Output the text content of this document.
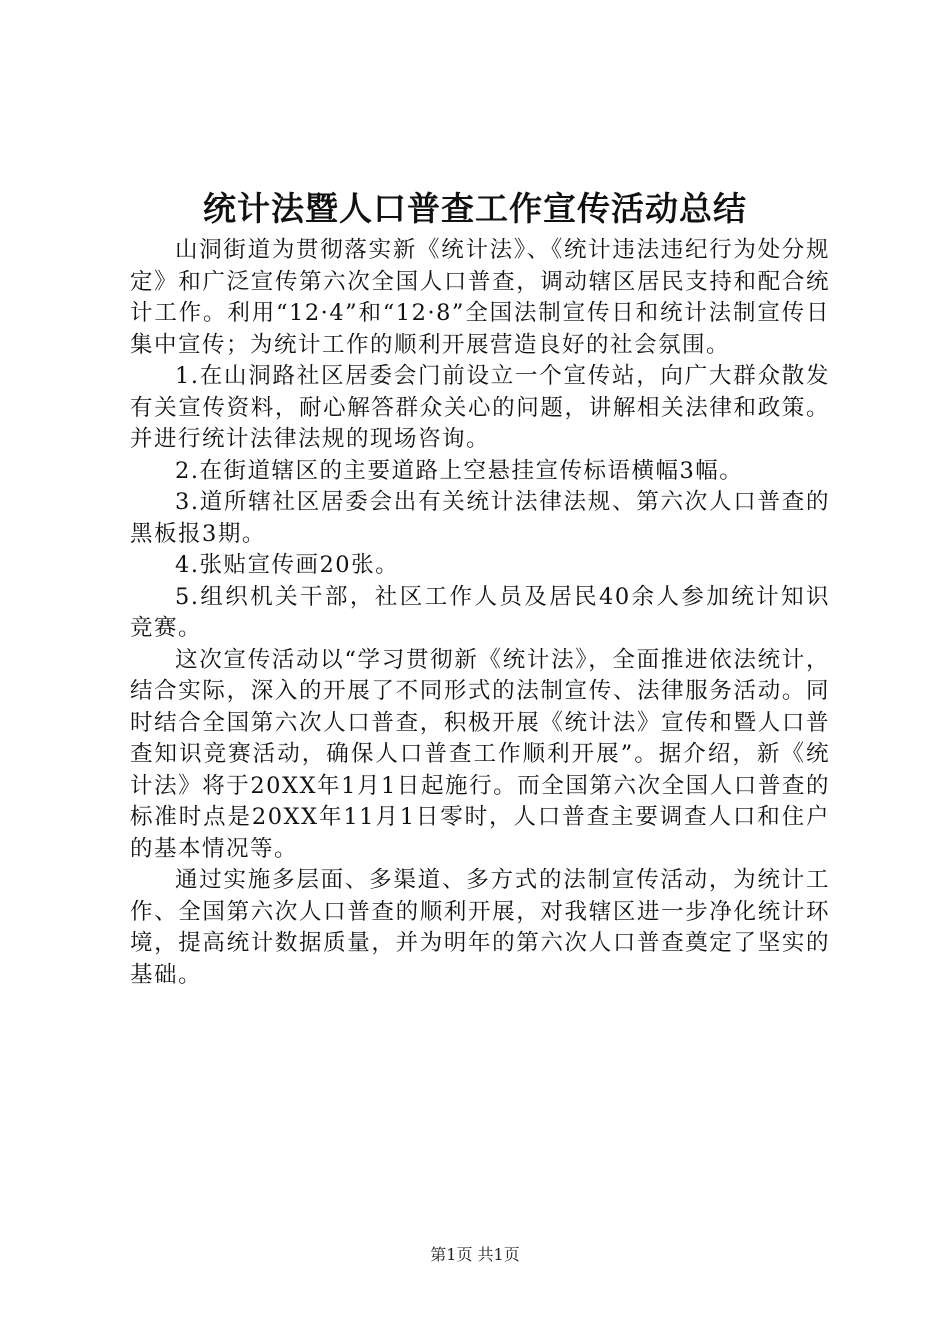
统计法暨人口普查工作宣传活动总结

山洞街道为贯彻落实新《统计法》、《统计违法违纪行为处分规定》和广泛宣传第六次全国人口普查，调动辖区居民支持和配合统计工作。利用“12·4”和“12·8”全国法制宣传日和统计法制宣传日集中宣传；为统计工作的顺利开展营造良好的社会氛围。

1.在山洞路社区居委会门前设立一个宣传站，向广大群众散发有关宣传资料，耐心解答群众关心的问题，讲解相关法律和政策。并进行统计法律法规的现场咨询。

2.在街道辖区的主要道路上空悬挂宣传标语横幅3幅。

3.道所辖社区居委会出有关统计法律法规、第六次人口普查的黑板报3期。

4.张贴宣传画20张。

5.组织机关干部，社区工作人员及居民40余人参加统计知识竞赛。

这次宣传活动以“学习贯彻新《统计法》，全面推进依法统计，结合实际，深入的开展了不同形式的法制宣传、法律服务活动。同时结合全国第六次人口普查，积极开展《统计法》宣传和暨人口普查知识竞赛活动，确保人口普查工作顺利开展”。据介绍，新《统计法》将于20XX年1月1日起施行。而全国第六次全国人口普查的标准时点是20XX年11月1日零时，人口普查主要调查人口和住户的基本情况等。

通过实施多层面、多渠道、多方式的法制宣传活动，为统计工作、全国第六次人口普查的顺利开展，对我辖区进一步净化统计环境，提高统计数据质量，并为明年的第六次人口普查奠定了坚实的基础。

第1页 共1页
